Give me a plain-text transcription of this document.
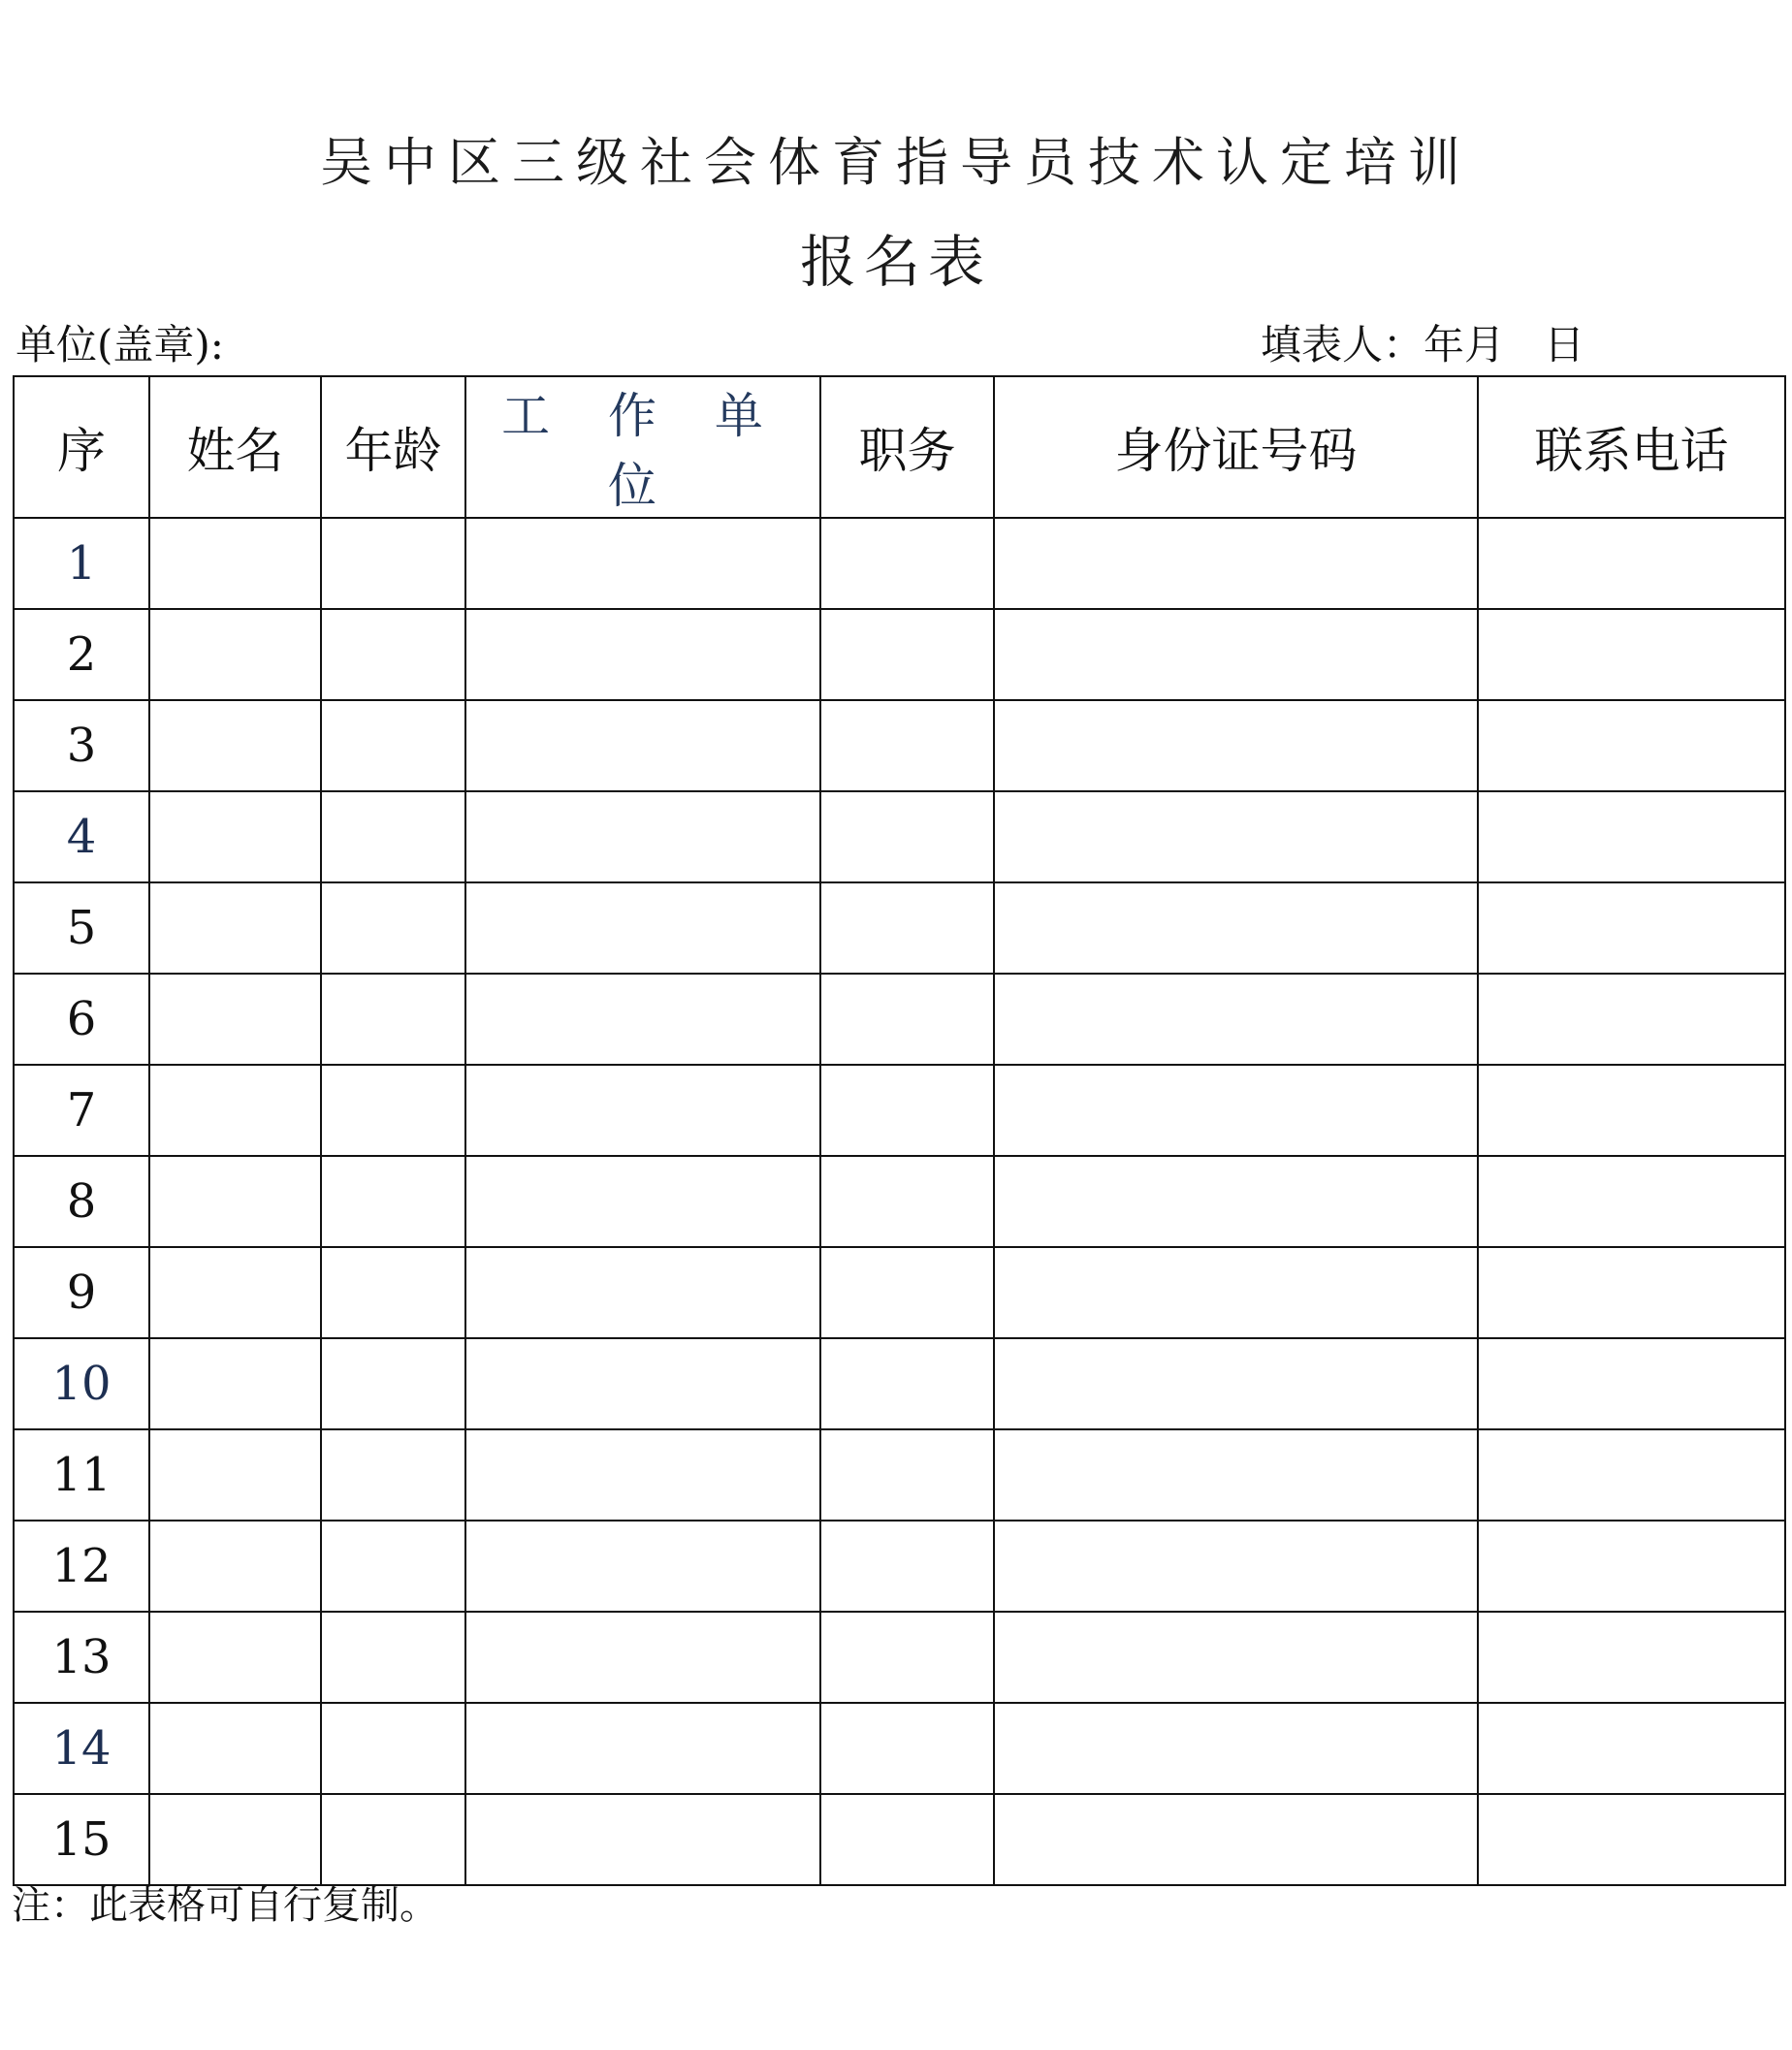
吴中区三级社会体育指导员技术认定培训
报名表
单位(盖章):	填表人：年月 日
序	姓名	年龄	工 作 单 位	职务	身份证号码	联系电话
1						
2						
3						
4						
5						
6						
7						
8						
9						
10						
11						
12						
13						
14						
15						
注：此表格可自行复制。
